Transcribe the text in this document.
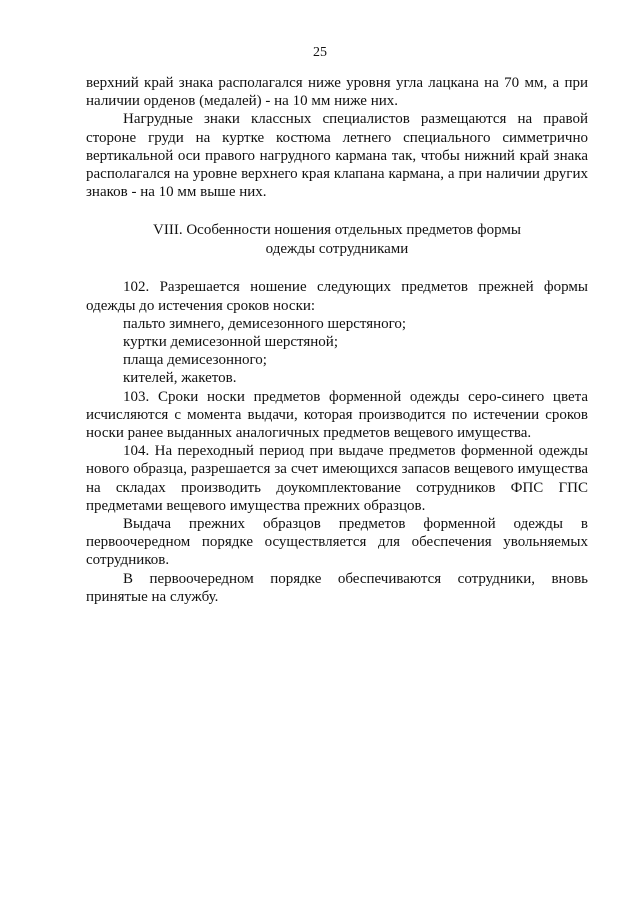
25

верхний край знака располагался ниже уровня угла лацкана на 70 мм, а при наличии орденов (медалей) - на 10 мм ниже них.

Нагрудные знаки классных специалистов размещаются на правой стороне груди на куртке костюма летнего специального симметрично вертикальной оси правого нагрудного кармана так, чтобы нижний край знака располагался на уровне верхнего края клапана кармана, а при наличии других знаков - на 10 мм выше них.

VIII. Особенности ношения отдельных предметов формы
одежды сотрудниками

102. Разрешается ношение следующих предметов прежней формы одежды до истечения сроков носки:

пальто зимнего, демисезонного шерстяного;

куртки демисезонной шерстяной;

плаща демисезонного;

кителей, жакетов.

103. Сроки носки предметов форменной одежды серо-синего цвета исчисляются с момента выдачи, которая производится по истечении сроков носки ранее выданных аналогичных предметов вещевого имущества.

104. На переходный период при выдаче предметов форменной одежды нового образца, разрешается за счет имеющихся запасов вещевого имущества на складах производить доукомплектование сотрудников ФПС ГПС предметами вещевого имущества прежних образцов.

Выдача прежних образцов предметов форменной одежды в первоочередном порядке осуществляется для обеспечения увольняемых сотрудников.

В первоочередном порядке обеспечиваются сотрудники, вновь принятые на службу.
